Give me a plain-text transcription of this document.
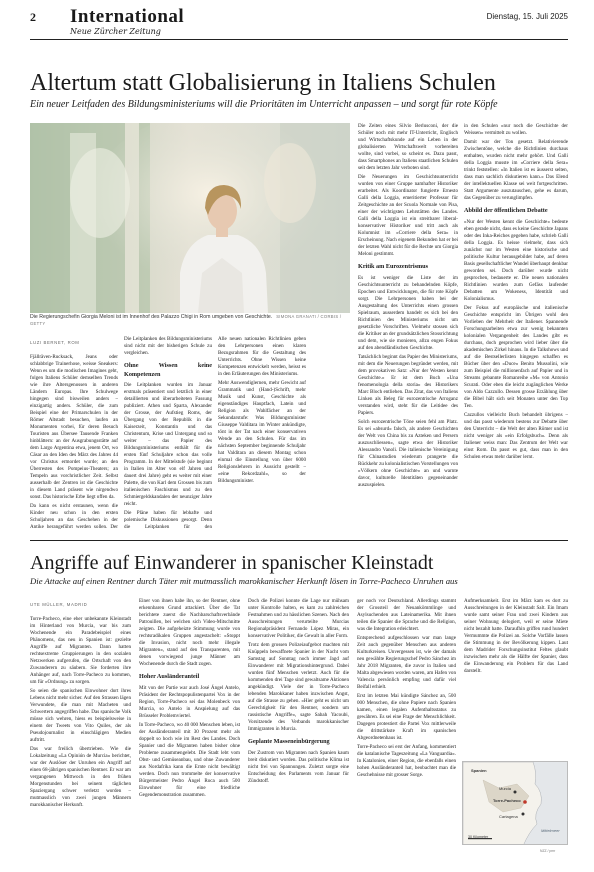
2 International
Neue Zürcher Zeitung
Dienstag, 15. Juli 2025
Altertum statt Globalisierung in Italiens Schulen
Ein neuer Leitfaden des Bildungsministeriums will die Prioritäten im Unterricht anpassen – und sorgt für rote Köpfe
Die Regierungschefin Giorgia Meloni ist im Innenhof des Palazzo Chigi in Rom umgeben von Geschichte. SIMONA GRANATI / CORBIS / GETTY
LUZI BERNET, ROM

Fjällräven-Rucksack, Jeans oder schlabbrige Trainerhose, weisse Sneakers: Wenn es um die modischen Imagines geht, folgen Italiens Schüler demselben Trends wie ihre Altersgenossen in anderen Ländern Europas. Ihre Schulwege hingegen sind bisweilen anders – einzigartig anders. Schüler, die zum Beispiel eine der Primarschulen in der Römer Altstadt besuchen, laufen an Monumenten vorbei, für deren Besuch Touristen aus Übersee Tausende Franken hinblättern: an der Ausgrabungsstätte auf dem Largo Argentina etwa, jenem Ort, wo Cäsar an den Iden des März des Jahres 44 vor Christus ermordet wurde; an den Überresten des Pompeius-Theaters; an Tempeln aus vorchristlicher Zeit. Selbst ausserhalb der Zentren ist die Geschichte in diesem Land präsent wie nirgendwo sonst. Das historische Erbe liegt offen da.

Da kann es nicht erstaunen, wenn die Kinder neu schon in den ersten Schuljahren an das Geschehen in der Antike herangeführt werden sollen. Der

Die Leitplanken des Bildungsministeriums sind nicht mit der bisherigen Schule zu vergleichen.

Ohne Wissen keine Kompetenzen

Die Leitplanken wurden im Januar erstmals präsentiert und letztlich in einer detaillierten und überarbeiteten Fassung publiziert. Athen und Sparta, Alexander der Grosse, der Aufstieg Roms, der Übergang von der Republik in die Kaiserzeit, Konstantin und das Christentum, Krise und Untergang und so weiter – das Papier des Bildungsministeriums enthält für die ersten fünf Schuljahre schon das volle Programm. In der Mittelstufe (sie beginnt in Italien im Alter von elf Jahren und dauert drei Jahre) geht es weiter mit einer Palette, die von Karl dem Grossen bis zum italienischen Faschismus und zu den Schmiergeldskandalen der neunziger Jahre reicht.

Die Pläne haben für lebhafte und polemische Diskussionen gesorgt. Denn die Leitplanken für den

Alle neuen nationalen Richtlinien geben den Lehrpersonen einen klaren Bezugsrahmen für die Gestaltung des Unterrichts. Ohne Wissen keine Kompetenzen entwickelt werden, heisst es in den Erläuterungen des Ministeriums.

Mehr Auswendiglernen, mehr Gewicht auf Grammatik und (Hand-)Schrift, mehr Musik und Kunst, Geschichte als eigenständiges Hauptfach, Latein und Religion als Wahlfächer an der Sekundarstufe: Was Bildungsminister Giuseppe Valditara im Winter ankündigte, tönt in der Tat nach einer konservativen Wende an den Schulen. Für das im nächsten September beginnende Schuljahr hat Valditara an diesem Montag schon einmal die Einstellung von über 6000 Religionslehrern in Aussicht gestellt – »eine Rekordzahl«, so der Bildungsminister.

Die Zeiten eines Silvio Berlusconi, der die Schüler noch mit mehr IT-Unterricht, Englisch und Wirtschaftskunde auf ein Leben in der globalisierten Wirtschaftswelt vorbereiten wollte, sind vorbei, so scheint es. Dazu passt, dass Smartphones an Italiens staatlichen Schulen seit dem letzten Jahr verboten sind.

Die Neuerungen im Geschichtsunterricht wurden von einer Gruppe namhafter Historiker erarbeitet. Als Koordinator fungierte Ernesto Galli della Loggia, emeritierter Professor für Zeitgeschichte an der Scuola Normale von Pisa, einer der wichtigsten Lehrstätten des Landes. Galli della Loggia ist ein streitbarer liberal-konservativer Historiker und tritt auch als Kolumnist im »Corriere della Sera« in Erscheinung. Nach eigenem Bekunden hat er bei der letzten Wahl nicht für die Rechte um Giorgia Meloni gestimmt.

Kritik am Eurozentrismus

Es ist weniger die Liste der im Geschichtsunterricht zu behandelnden Köpfe, Epochen und Entwicklungen, die für rote Köpfe sorgt. Die Lehrpersonen haben bei der Ausgestaltung des Unterrichts einen grossen Spielraum, ausserdem handelt es sich bei den Richtlinien des Ministeriums nicht um gesetzliche Vorschriften. Vielmehr stossen sich die Kritiker an der grundsätzlichen Stossrichtung und dem, wie sie monieren, allzu engen Fokus auf den abendländischen Geschichte.

Tatsächlich beginnt das Papier des Ministeriums, mit dem die Neuerungen begründet werden, mit dem provokativen Satz: »Nur der Westen kennt Geschichte.« Er ist dem Buch »Una fenomenologia della storia« des Historikers Marc Bloch entliehen. Das Zitat, das von Italiens Linken als Beleg für eurozentrische Arroganz verstanden wird, steht für die Leitidee des Papiers.

Solch eurozentrische Töne seien fehl am Platz. Es sei »absurd« falsch, als andere Geschichten der Welt von China bis zu Azteken und Persern auszuschliessen«, sagte etwa der Historiker Alessandro Vanoli. Die italienische Vereinigung für Chinastudien wiederum prangerte die Rückkehr zu kolonialistischen Vorstellungen von »Völkern ohne Geschichte« an und warnte davor, kulturelle Identitäten gegeneinander auszuspielen.

in den Schulen »nur noch die Geschichte der Weissen« vermittelt zu wollen.

Damit war der Ton gesetzt. Relativierende Zwischentöne, welche die Richtlinien durchaus enthalten, wurden nicht mehr gehört. Und Galli della Loggia musste im »Corriere della Sera« trinkt feststellen: »In Italien ist es äusserst selten, dass man sachlich diskutieren kann.« Das Elend der intellektuellen Klasse sei weit fortgeschritten. Statt Argumente auszutauschen, gehe es darum, das Gegenüber zu verunglimpfen.

Abbild der öffentlichen Debatte

»Nur der Westen kennt die Geschichte« bedeute eben gerade nicht, dass es keine Geschichte Japans oder des Inka-Reiches gegeben habe, schrieb Galli della Loggia. Es heisse vielmehr, dass sich zunächst nur im Westen eine historische und politische Kultur herausgebildet habe, auf deren Basis gesellschaftlicher Wandel überhaupt denkbar geworden sei. Doch darüber wurde nicht gesprochen, bedauerte er. Die neuen nationalen Richtlinien wurden zum Gefäss laufender Debatten um Wokeness, Identität und Kolonialismus.

Der Fokus auf europäische und italienische Geschichte entspricht im Übrigen wohl den Vorlieben der Mehrheit der Italiener. Spannende Forschungsarbeiten etwa zur wenig bekannten kolonialen Vergangenheit des Landes gibt es durchaus, doch gesprochen wird lieber über die akademischen Zirkel hinaus. In die Talkshows und auf die Bestsellerlisten hingegen schaffen es Bücher über den »Duce« Benito Mussolini, wie zum Beispiel die millionenfach auf Papier und in Streams gebannte Romanreihe »M« von Antonio Scurati. Oder eben die leicht zugänglichen Werke von Aldo Cazzullo. Dessen grosse Erzählung über die Bibel hält sich seit Monaten unter den Top Ten.

Cazzullos vielleicht Buch behandelt übrigens – und das passt wiederum bestens zur Debatte über den Unterricht – die Welt der alten Römer und ist nicht weniger als »ein Erfolgsbuch«. Denn als Italiener weiss man: Das Zentrum der Welt war einst Rom. Da passt es gut, dass man in den Schulen etwas mehr darüber lernt.

Angriffe auf Einwanderer in spanischer Kleinstadt
Die Attacke auf einen Rentner durch Täter mit mutmasslich marokkanischer Herkunft lösen in Torre-Pacheco Unruhen aus
UTE MÜLLER, MADRID

Torre-Pacheco, eine eher unbekannte Kleinstadt im Hinterland von Murcia, war bis zum Wochenende ein Paradebeispiel eines Phänomens, das neu in Spanien ist: gezielte Angriffe auf Migranten. Dann hatten rechtsextreme Gruppierungen in den sozialen Netzwerken aufgerufen, die Ortschaft von den Zuwanderern zu säubern. Sie forderten ihre Anhänger auf, nach Torre-Pacheco zu kommen, um für »Ordnung« zu sorgen.

So seien die spanischen Einwohner dort ihres Lebens nicht mehr sicher. Auf den Strassen lägen Verwundete, die man mit Macheten und Schwertern angegriffen habe. Das spanische Volk müsse sich wehren, hiess es beispielsweise in einem der Tweets von Vito Quiles, der als Pseudojournalist in einschlägigen Medien auftritt.

Das war freilich übertrieben. Wie die Lokalzeitung »La Opinión de Murcia« berichtet, war der Auslöser der Unruhen ein Angriff auf einen 68-jährigen spanischen Rentner. Er war am vergangenen Mittwoch in den frühen Morgenstunden bei seinem täglichen Spaziergang schwer verletzt worden – mutmasslich von zwei jungen Männern marokkanischer Herkunft.

Einer von ihnen habe ihn, so der Rentner, ohne erkennbaren Grund attackiert. Über die Tat berichtete zuerst die Nachbarschaftsverbände Patrouillen, bei welchen sich Video-Mitschnitte zeigten. Die aufgeheizte Stimmung wurde von rechtsradikalen Gruppen angestachelt: »Stoppt die Invasion, nicht noch mehr illegale Migranten«, stand auf den Transparenten, mit denen vorwiegend junge Männer am Wochenende durch die Stadt zogen.

Hoher Ausländeranteil

Mit von der Partie war auch José Ángel Antelo, Präsident der Rechtspopulistenpartei Vox in der Region, Torre-Pacheco sei das Molenbeck von Murcia, so Antelo in Anspielung auf das Brüsseler Problemviertel.

In Torre-Pacheco, wo 40 000 Menschen leben, ist der Ausländeranteil mit 30 Prozent mehr als doppelt so hoch wie im Rest des Landes. Doch Spanier und die Migranten haben bisher ohne Probleme zusammengelebt. Die Stadt lebt vom Obst- und Gemüseanbau, und ohne Zuwanderer aus Nordafrika kann die Ernte nicht bewältigt werden. Doch nun trommelte der konservative Bürgermeister Pedro Ángel Roca auch 500 Einwohner für eine friedliche Gegendemonstration zusammen.

Doch die Polizei konnte die Lage nur mühsam unter Kontrolle halten, es kam zu zahlreichen Festnahmen und zu hässlichen Szenen. Nach den Ausschreitungen verurteilte Murcias Regionalpräsident Fernando López Miras, ein konservativer Politiker, die Gewalt in aller Form.

Trotz dem grossen Polizeiaufgebot machten mit Knüppeln bewaffnete Spanier in der Nacht vom Samstag auf Sonntag noch immer Jagd auf Einwanderer mit Migrationshintergrund. Dabei wurden fünf Menschen verletzt. Auch für die kommenden drei Tage sind gewaltsame Aktionen angekündigt. Viele der in Torre-Pacheco lebenden Marokkaner haben inzwischen Angst, auf die Strasse zu gehen. »Hier geht es nicht um Gerechtigkeit für den Rentner, sondern um rassistische Angriffe«, sagte Sabah Yacoubi, Vorsitzende des Verbands marokkanischer Immigranten in Murcia.

Geplante Masseneinbürgerung

Der Zustrom von Migranten nach Spanien kaum breit diskutiert worden. Das politische Klima ist nicht frei von Spannungen. Zuletzt sorgte eine Entscheidung des Parlaments vom Januar für Zündstoff.

ger noch vor Deutschland. Allerdings stammt der Grossteil der Neuankömmlinge und Asylsuchenden aus Lateinamerika. Mit ihnen teilen die Spanier die Sprache und die Religion, was die Integration erleichtert.

Entsprechend aufgeschlossen war man lange Zeit auch gegenüber Menschen aus anderen Kulturkreisen. Unvergessen ist, wie der damals neu gewählte Regierungschef Pedro Sánchez im Jahr 2018 Migranten, die zuvor in Italien und Malta abgewiesen worden waren, am Hafen von Valencia persönlich empfing und dafür viel Beifall erhielt.

Erst im letzten Mai kündigte Sánchez an, 500 000 Menschen, die ohne Papiere nach Spanien kamen, einen legalen Aufenthaltsstatus zu gewähren. Es sei eine Frage der Menschlichkeit. Dagegen protestiert die Partei Vox mittlerweile die drittstärkste Kraft im spanischen Abgeordnetenhaus ist.

Torre-Pacheco sei erst der Anfang, kommentiert die katalanische Tageszeitung »La Vanguardia«. In Katalonien, einer Region, die ebenfalls einen hohen Ausländeranteil hat, beobachtet man die Geschehnisse mit grosser Sorge.

Aufmerksamkeit. Erst im März kam es dort zu Ausschreitungen in der Kleinstadt Salt. Ein Imam wurde samt seiner Frau und zwei Kindern aus seiner Wohnung delogiert, weil er seine Miete nicht bezahlt hatte. Daraufhin griffen rund hundert Vermummte die Polizei an. Solche Vorfälle lassen die Stimmung in der Bevölkerung kippen. Laut dem Madrider Forschungsinstitut Feltes glaubt inzwischen mehr als die Hälfte der Spanier, dass die Einwanderung ein Problem für das Land darstellt.

Spanien
Murcia
Torre-Pacheco
Cartagena
Mittelmeer
30 Kilometer
NZZ / pmr
